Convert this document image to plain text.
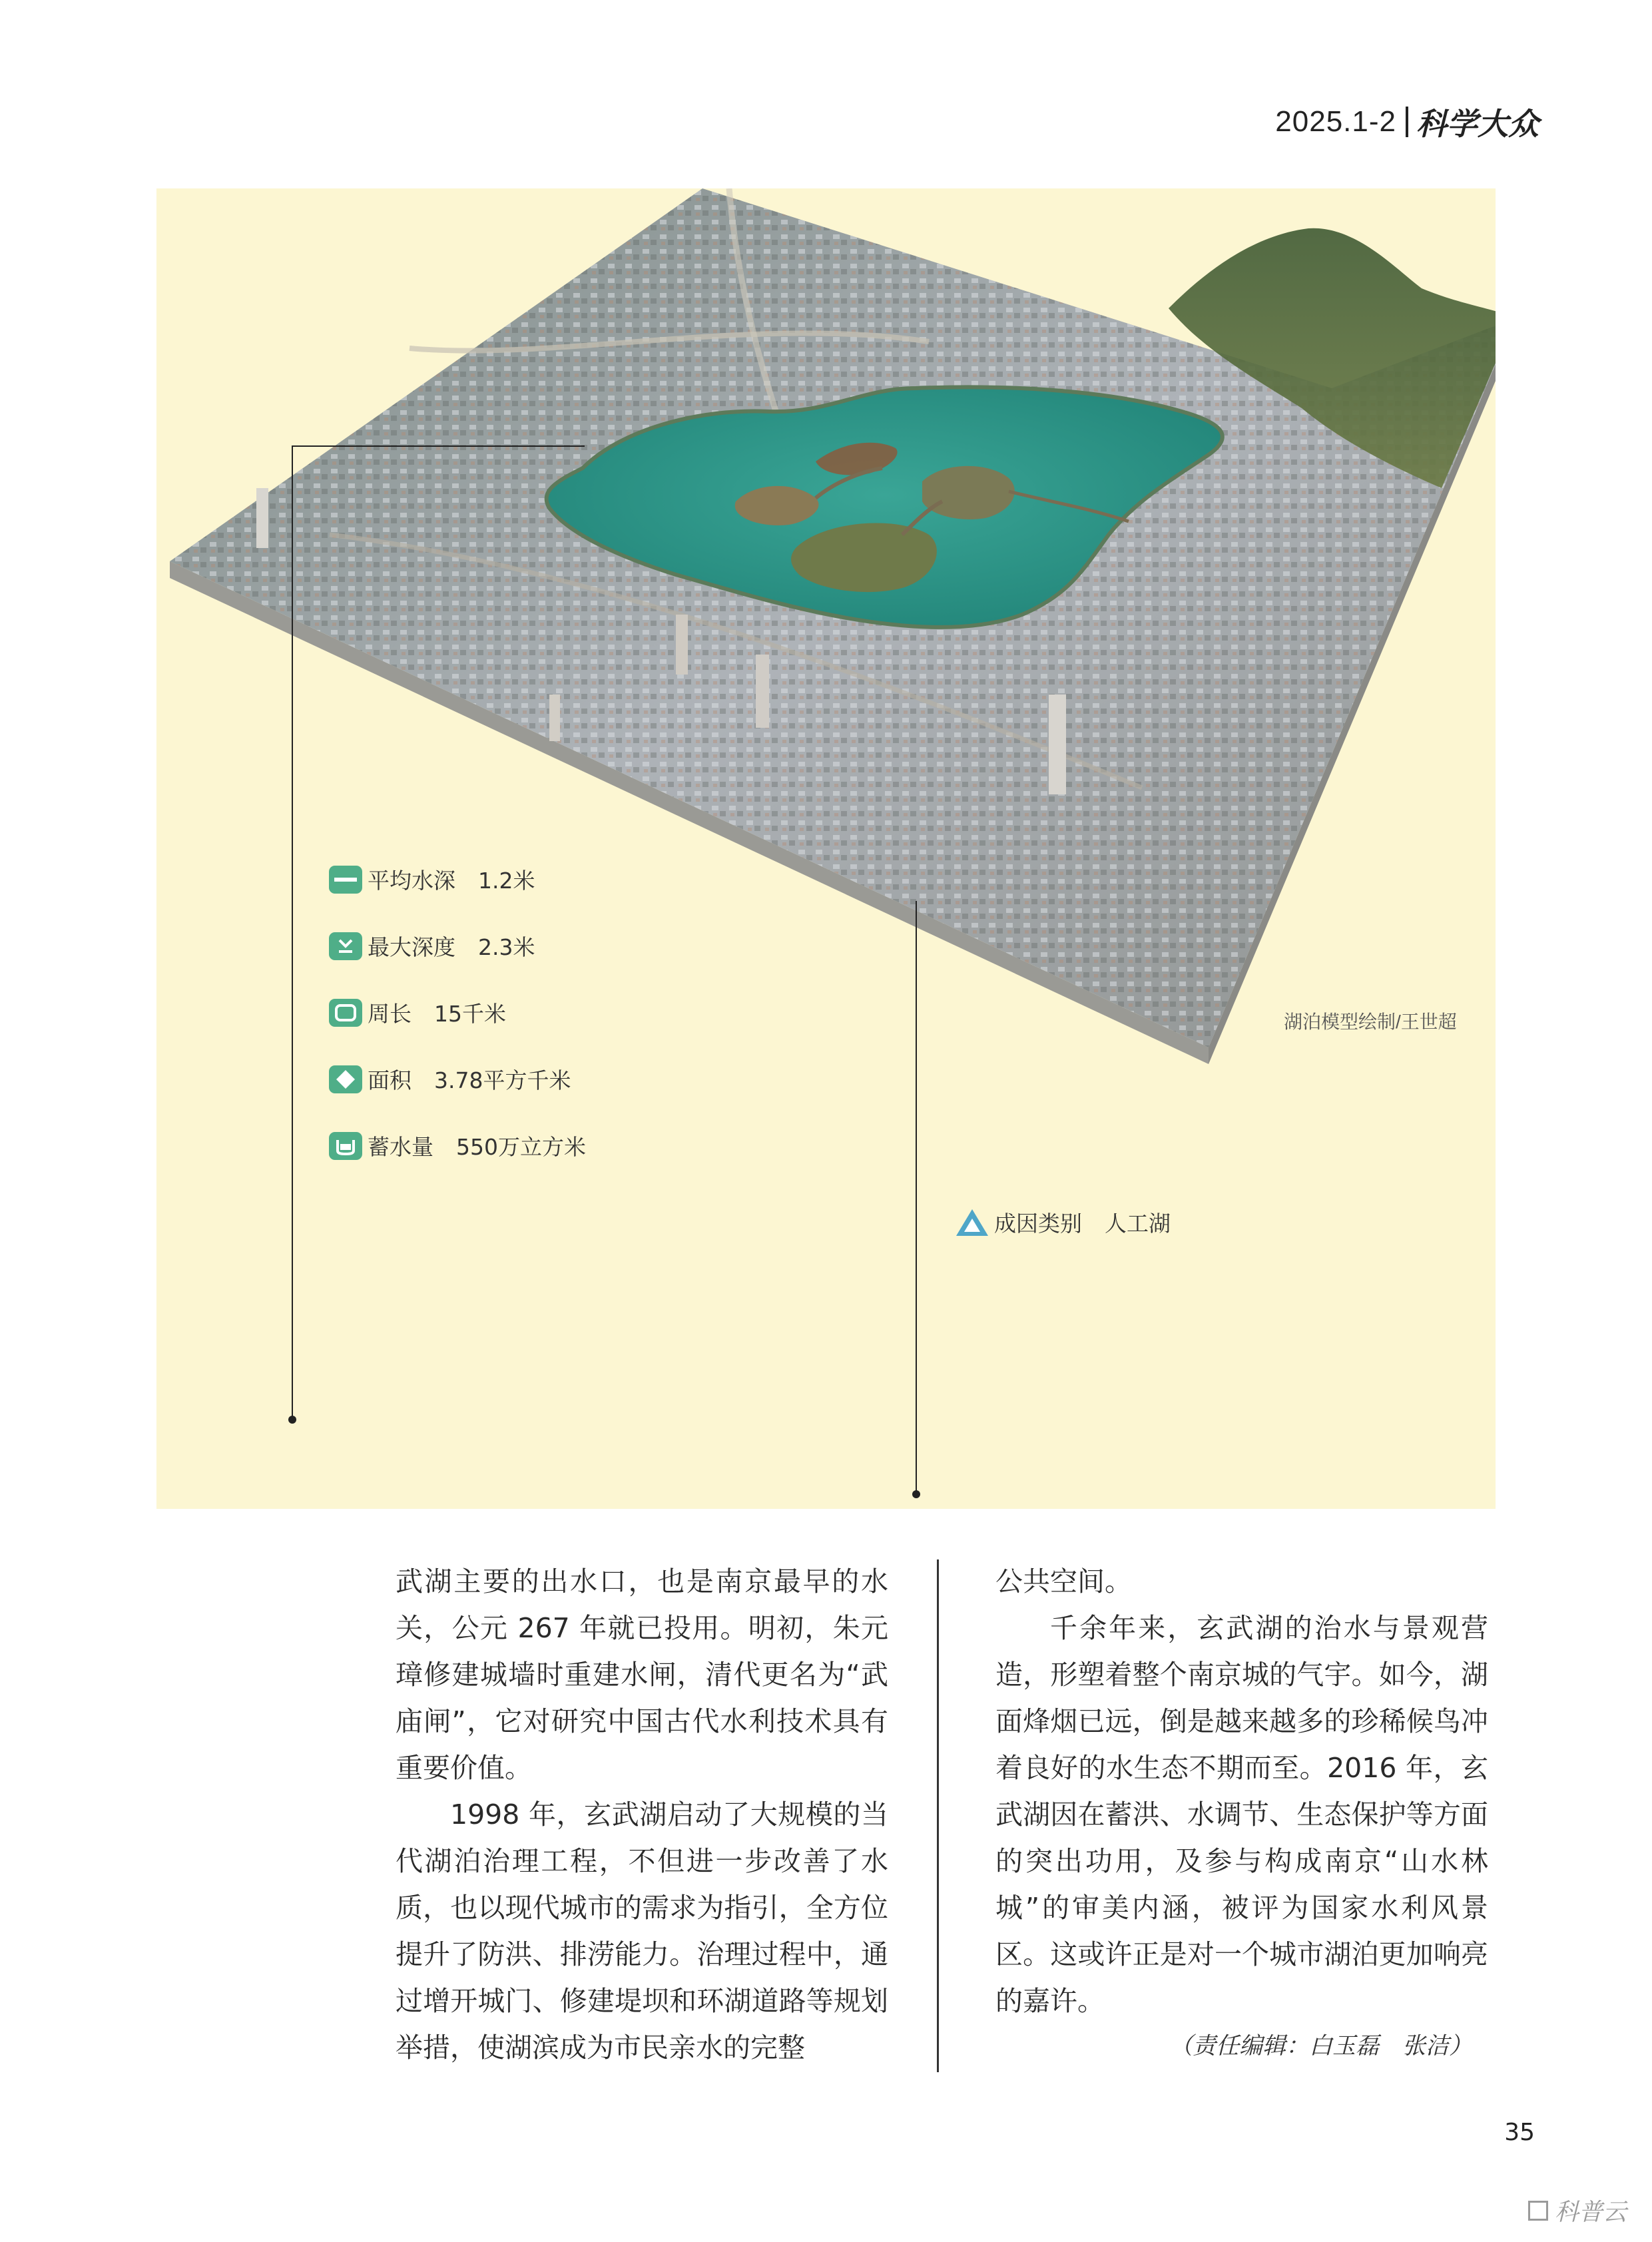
2025.1-2 科学大众
湖泊模型绘制/王世超
平均水深 1.2米
最大深度 2.3米
周长 15千米
面积 3.78平方千米
蓄水量 550万立方米
成因类别 人工湖

武湖主要的出水口，也是南京最早的水关，公元 267 年就已投用。明初，朱元璋修建城墙时重建水闸，清代更名为“武庙闸”，它对研究中国古代水利技术具有重要价值。

1998 年，玄武湖启动了大规模的当代湖泊治理工程，不但进一步改善了水质，也以现代城市的需求为指引，全方位提升了防洪、排涝能力。治理过程中，通过增开城门、修建堤坝和环湖道路等规划举措，使湖滨成为市民亲水的完整

公共空间。

千余年来，玄武湖的治水与景观营造，形塑着整个南京城的气宇。如今，湖面烽烟已远，倒是越来越多的珍稀候鸟冲着良好的水生态不期而至。2016 年，玄武湖因在蓄洪、水调节、生态保护等方面的突出功用，及参与构成南京“山水林城”的审美内涵，被评为国家水利风景区。这或许正是对一个城市湖泊更加响亮的嘉许。

（责任编辑：白玉磊　张洁）
35
科普云
